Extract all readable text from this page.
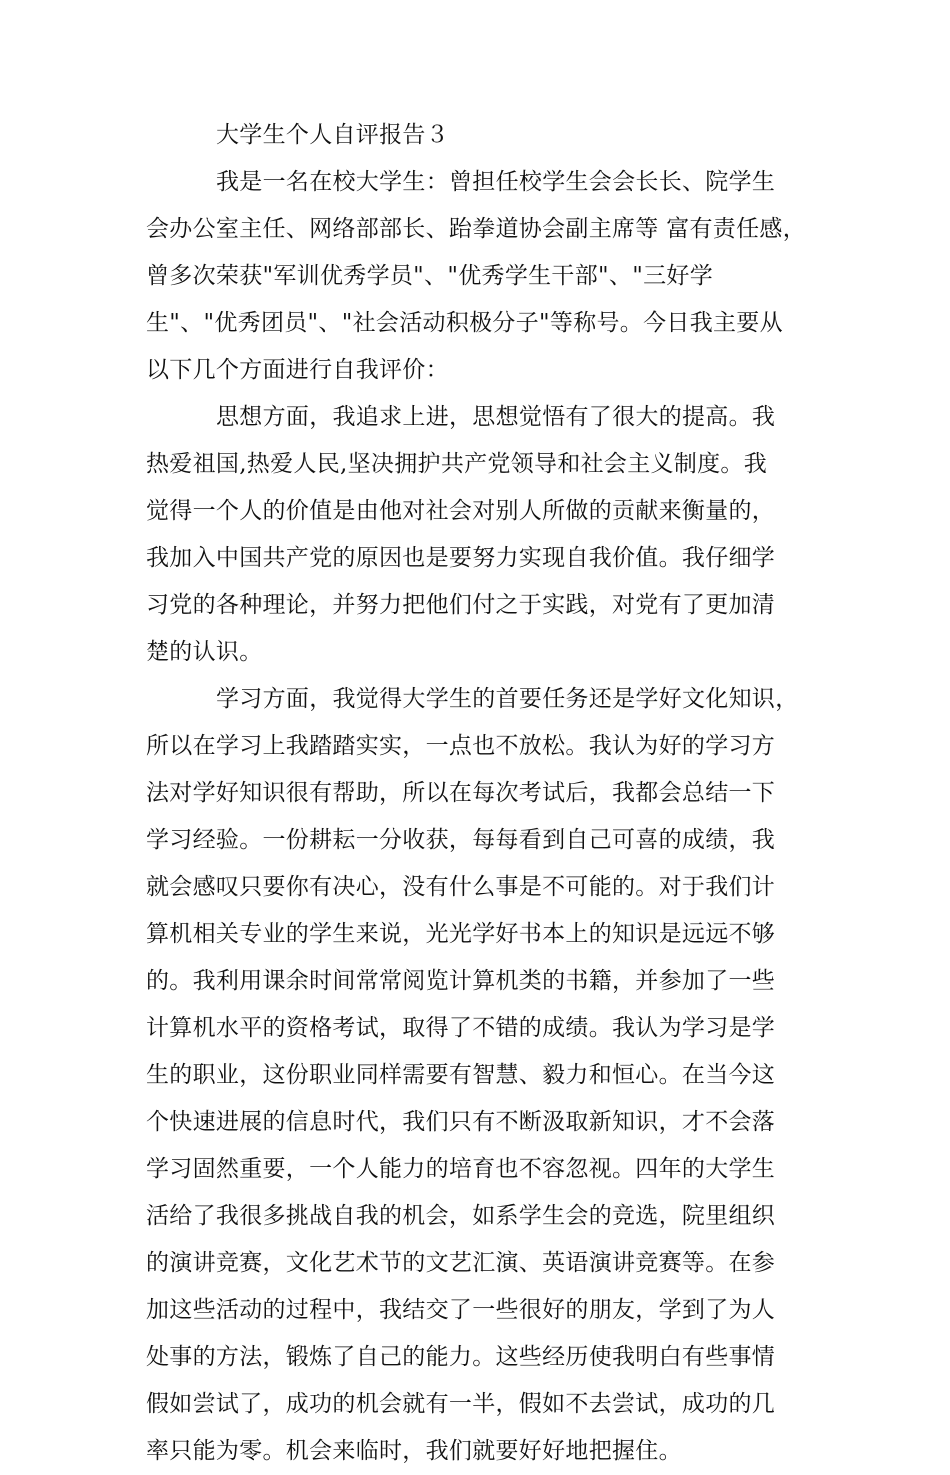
大学生个人自评报告３
我是一名在校大学生：曾担任校学生会会长长、院学生
会办公室主任、网络部部长、跆拳道协会副主席等 富有责任感，
曾多次荣获"军训优秀学员"、"优秀学生干部"、"三好学
生"、"优秀团员"、"社会活动积极分子"等称号。今日我主要从
以下几个方面进行自我评价：
思想方面，我追求上进，思想觉悟有了很大的提高。我
热爱祖国,热爱人民,坚决拥护共产党领导和社会主义制度。我
觉得一个人的价值是由他对社会对别人所做的贡献来衡量的，
我加入中国共产党的原因也是要努力实现自我价值。我仔细学
习党的各种理论，并努力把他们付之于实践，对党有了更加清
楚的认识。
学习方面，我觉得大学生的首要任务还是学好文化知识，
所以在学习上我踏踏实实，一点也不放松。我认为好的学习方
法对学好知识很有帮助，所以在每次考试后，我都会总结一下
学习经验。一份耕耘一分收获，每每看到自己可喜的成绩，我
就会感叹只要你有决心，没有什么事是不可能的。对于我们计
算机相关专业的学生来说，光光学好书本上的知识是远远不够
的。我利用课余时间常常阅览计算机类的书籍，并参加了一些
计算机水平的资格考试，取得了不错的成绩。我认为学习是学
生的职业，这份职业同样需要有智慧、毅力和恒心。在当今这
个快速进展的信息时代，我们只有不断汲取新知识，才不会落
学习固然重要，一个人能力的培育也不容忽视。四年的大学生
活给了我很多挑战自我的机会，如系学生会的竞选，院里组织
的演讲竞赛，文化艺术节的文艺汇演、英语演讲竞赛等。在参
加这些活动的过程中，我结交了一些很好的朋友，学到了为人
处事的方法，锻炼了自己的能力。这些经历使我明白有些事情
假如尝试了，成功的机会就有一半，假如不去尝试，成功的几
率只能为零。机会来临时，我们就要好好地把握住。
